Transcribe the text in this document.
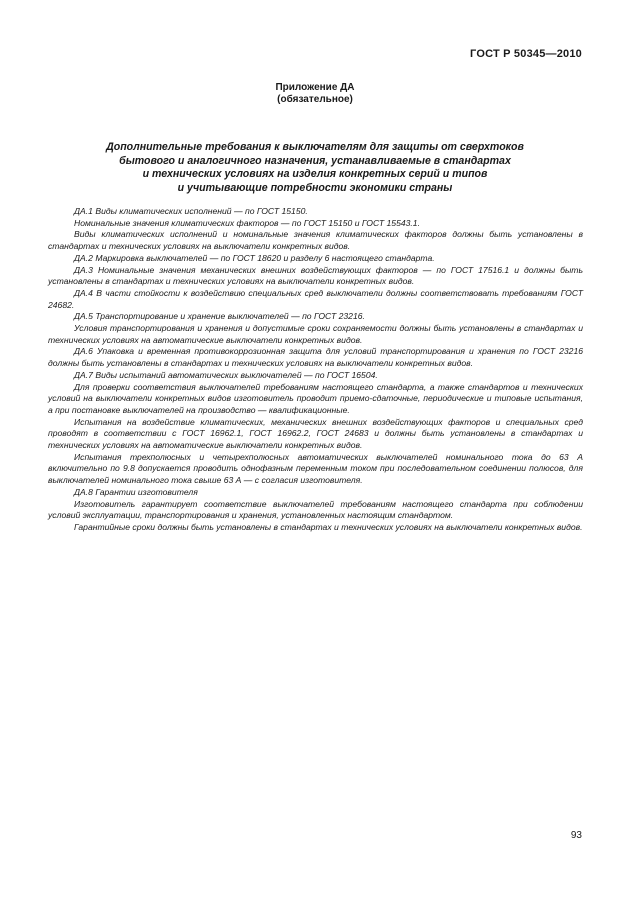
ГОСТ Р 50345—2010
Приложение ДА
(обязательное)
Дополнительные требования к выключателям для защиты от сверхтоков
бытового и аналогичного назначения, устанавливаемые в стандартах
и технических условиях на изделия конкретных серий и типов
и учитывающие потребности экономики страны

ДА.1 Виды климатических исполнений — по ГОСТ 15150.

Номинальные значения климатических факторов — по ГОСТ 15150 и ГОСТ 15543.1.

Виды климатических исполнений и номинальные значения климатических факторов должны быть установлены в стандартах и технических условиях на выключатели конкретных видов.

ДА.2 Маркировка выключателей — по ГОСТ 18620 и разделу 6 настоящего стандарта.

ДА.3 Номинальные значения механических внешних воздействующих факторов — по ГОСТ 17516.1 и должны быть установлены в стандартах и технических условиях на выключатели конкретных видов.

ДА.4 В части стойкости к воздействию специальных сред выключатели должны соответствовать требованиям ГОСТ 24682.

ДА.5 Транспортирование и хранение выключателей — по ГОСТ 23216.

Условия транспортирования и хранения и допустимые сроки сохраняемости должны быть установлены в стандартах и технических условиях на автоматические выключатели конкретных видов.

ДА.6 Упаковка и временная противокоррозионная защита для условий транспортирования и хранения по ГОСТ 23216 должны быть установлены в стандартах и технических условиях на выключатели конкретных видов.

ДА.7 Виды испытаний автоматических выключателей — по ГОСТ 16504.

Для проверки соответствия выключателей требованиям настоящего стандарта, а также стандартов и технических условий на выключатели конкретных видов изготовитель проводит приемо-сдаточные, периодические и типовые испытания, а при постановке выключателей на производство — квалификационные.

Испытания на воздействие климатических, механических внешних воздействующих факторов и специальных сред проводят в соответствии с ГОСТ 16962.1, ГОСТ 16962.2, ГОСТ 24683 и должны быть установлены в стандартах и технических условиях на автоматические выключатели конкретных видов.

Испытания трехполюсных и четырехполюсных автоматических выключателей номинального тока до 63 А включительно по 9.8 допускается проводить однофазным переменным током при последовательном соединении полюсов, для выключателей номинального тока свыше 63 А — с согласия изготовителя.

ДА.8 Гарантии изготовителя

Изготовитель гарантирует соответствие выключателей требованиям настоящего стандарта при соблюдении условий эксплуатации, транспортирования и хранения, установленных настоящим стандартом.

Гарантийные сроки должны быть установлены в стандартах и технических условиях на выключатели конкретных видов.

93
